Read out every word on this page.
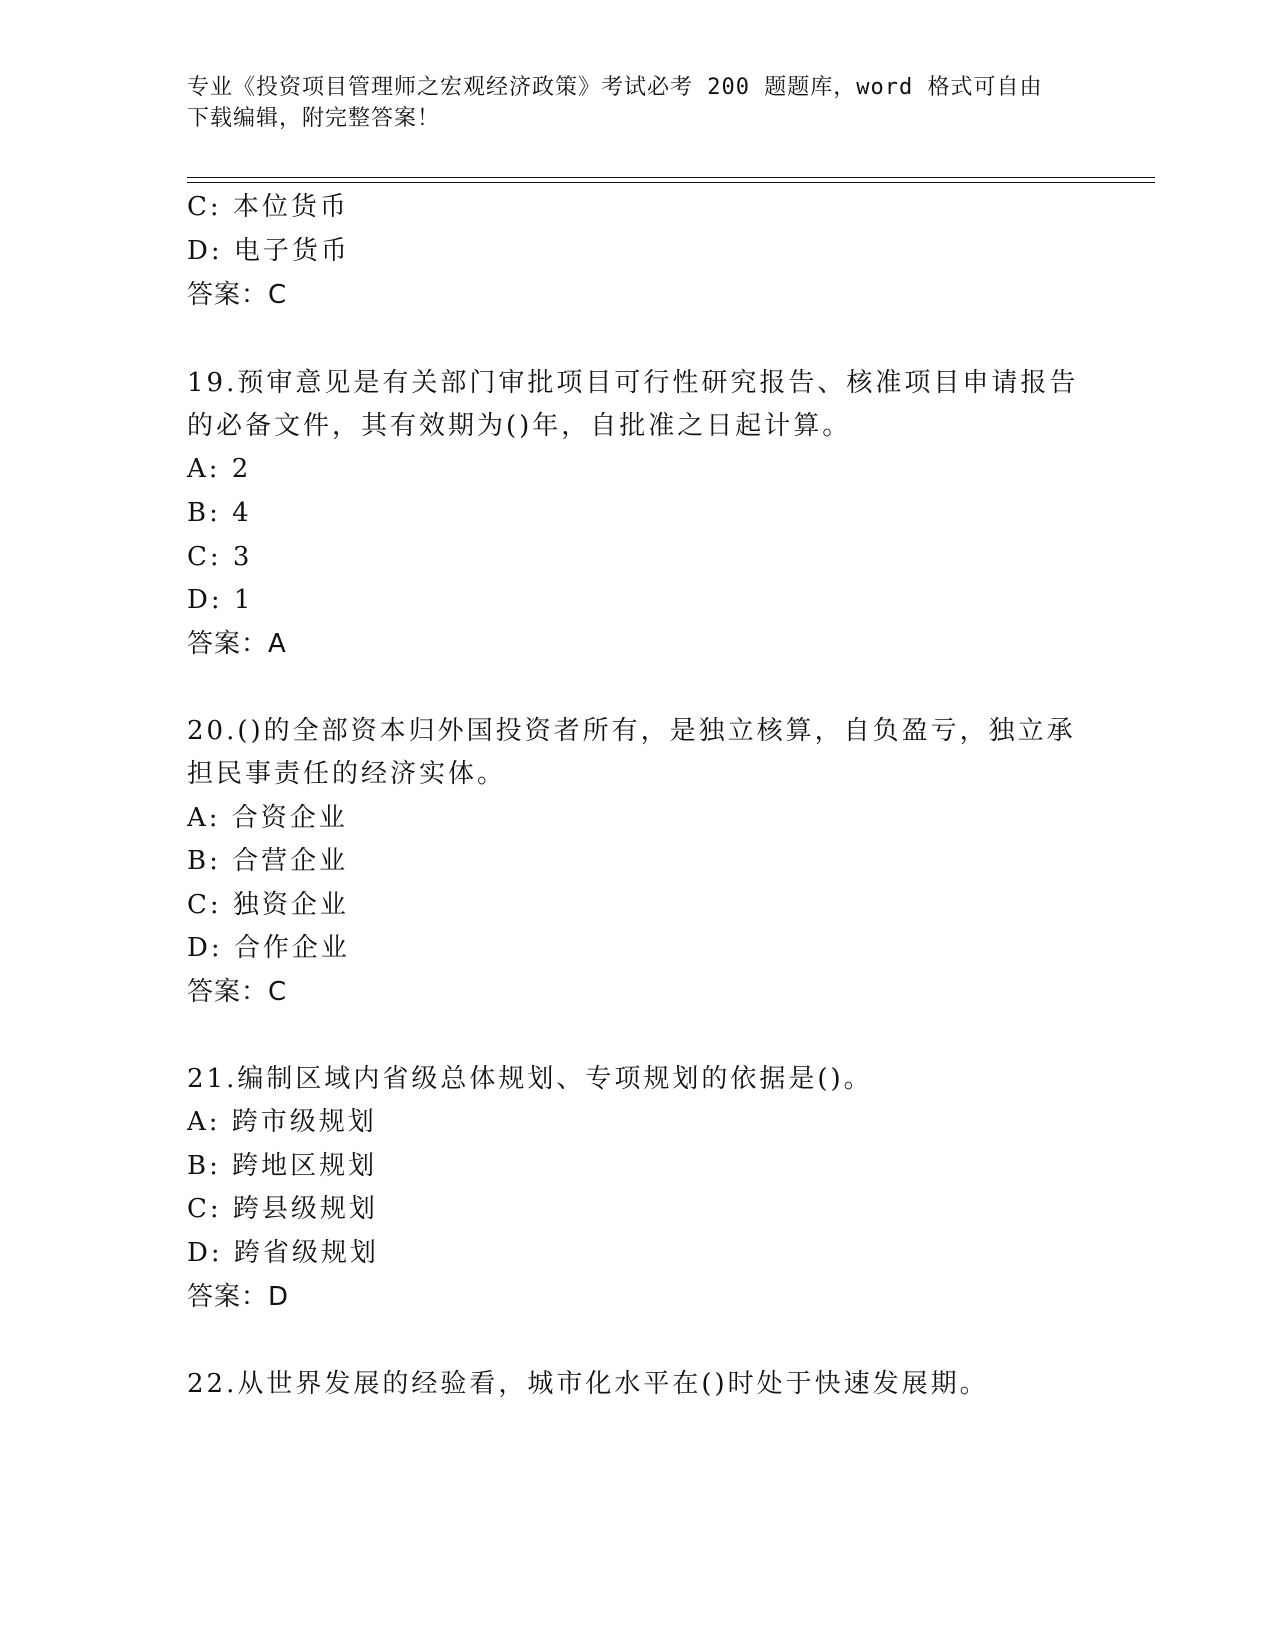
专业《投资项目管理师之宏观经济政策》考试必考 200 题题库，word 格式可自由
下载编辑，附完整答案！
C: 本位货币
D: 电子货币
答案：C
19.预审意见是有关部门审批项目可行性研究报告、核准项目申请报告
的必备文件，其有效期为()年，自批准之日起计算。
A: 2
B: 4
C: 3
D: 1
答案：A
20.()的全部资本归外国投资者所有，是独立核算，自负盈亏，独立承
担民事责任的经济实体。
A: 合资企业
B: 合营企业
C: 独资企业
D: 合作企业
答案：C
21.编制区域内省级总体规划、专项规划的依据是()。
A: 跨市级规划
B: 跨地区规划
C: 跨县级规划
D: 跨省级规划
答案：D
22.从世界发展的经验看，城市化水平在()时处于快速发展期。
